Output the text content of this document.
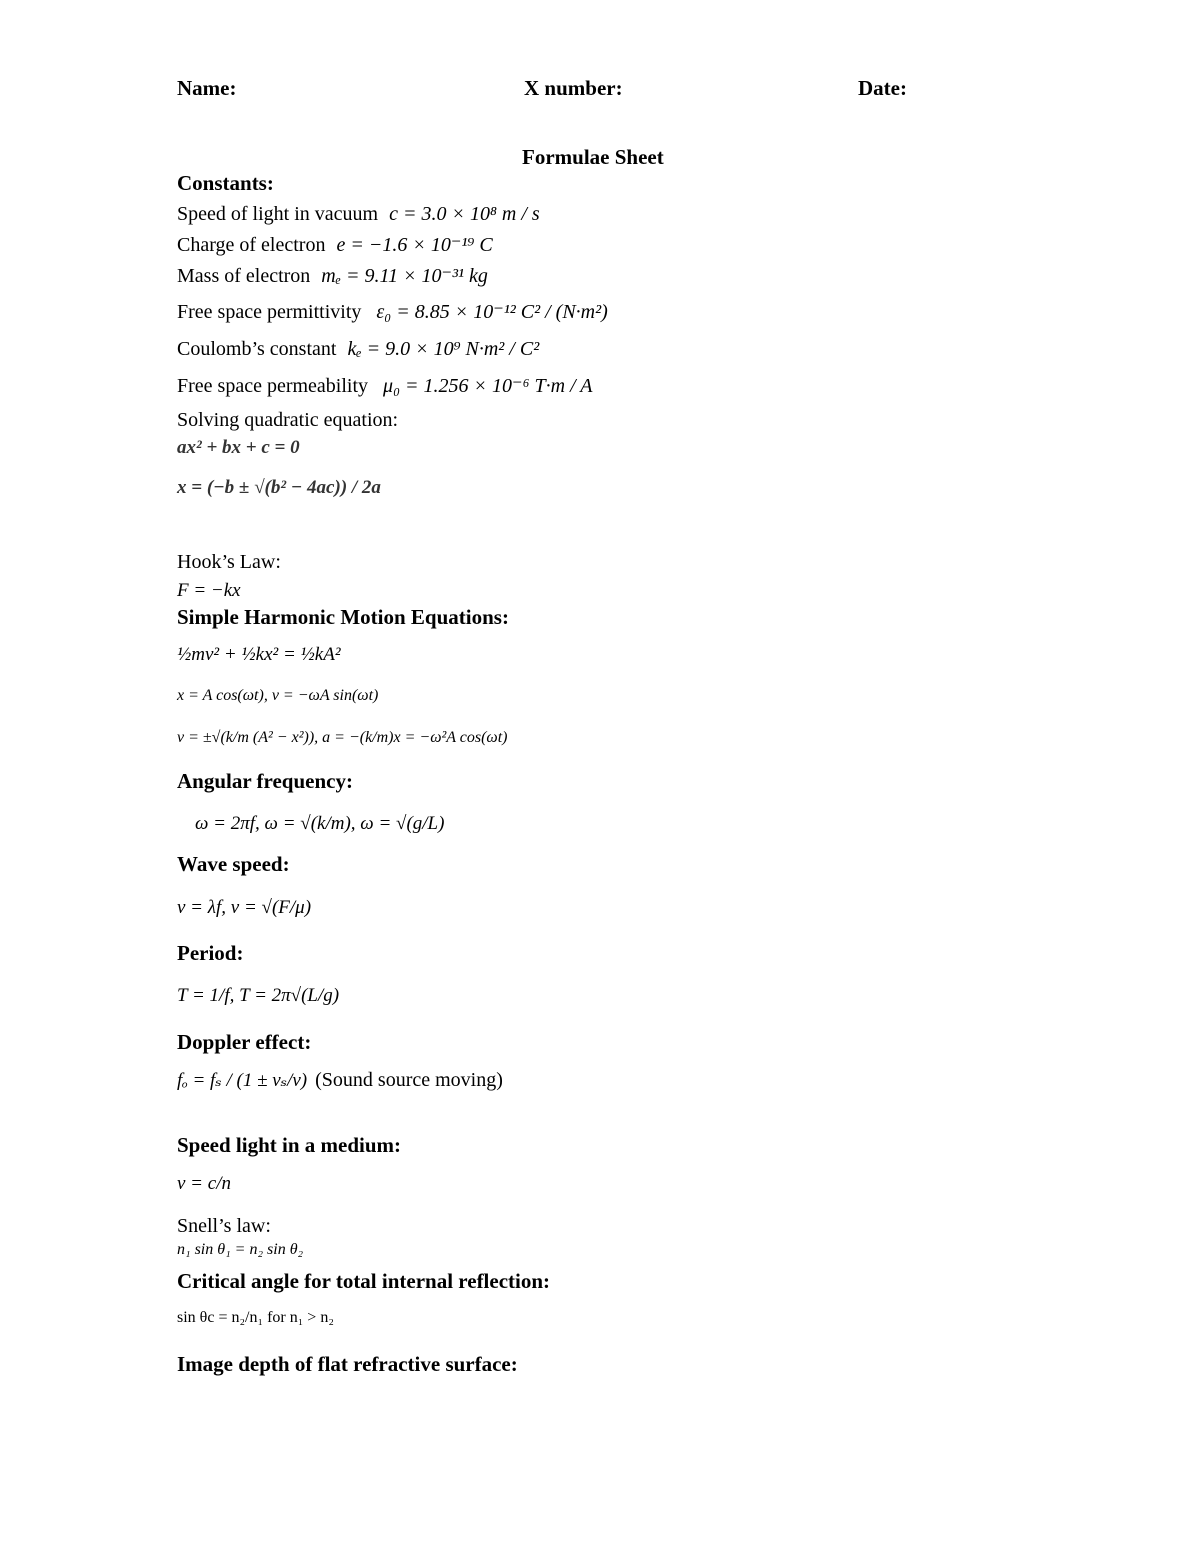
Name:	X number:	Date:
Formulae Sheet
Constants:
Speed of light in vacuum c = 3.0 × 10⁸ m / s
Charge of electron e = −1.6 × 10⁻¹⁹ C
Mass of electron mₑ = 9.11 × 10⁻³¹ kg
Free space permittivity ε₀ = 8.85 × 10⁻¹² C² / (N·m²)
Coulomb’s constant kₑ = 9.0 × 10⁹ N·m² / C²
Free space permeability μ₀ = 1.256 × 10⁻⁶ T·m / A
Solving quadratic equation:
ax² + bx + c = 0
x = (−b ± √(b² − 4ac)) / 2a
Hook’s Law:
F = −kx
Simple Harmonic Motion Equations:
½mv² + ½kx² = ½kA²
x = A cos(ωt), v = −ωA sin(ωt)
v = ±√(k/m (A² − x²)), a = −(k/m)x = −ω²A cos(ωt)
Angular frequency:
ω = 2πf, ω = √(k/m), ω = √(g/L)
Wave speed:
v = λf, v = √(F/μ)
Period:
T = 1/f, T = 2π√(L/g)
Doppler effect:
fₒ = fₛ / (1 ± vₛ/v) (Sound source moving)
Speed light in a medium:
v = c/n
Snell’s law:
n₁ sin θ₁ = n₂ sin θ₂
Critical angle for total internal reflection:
sin θc = n₂/n₁ for n₁ > n₂
Image depth of flat refractive surface:
